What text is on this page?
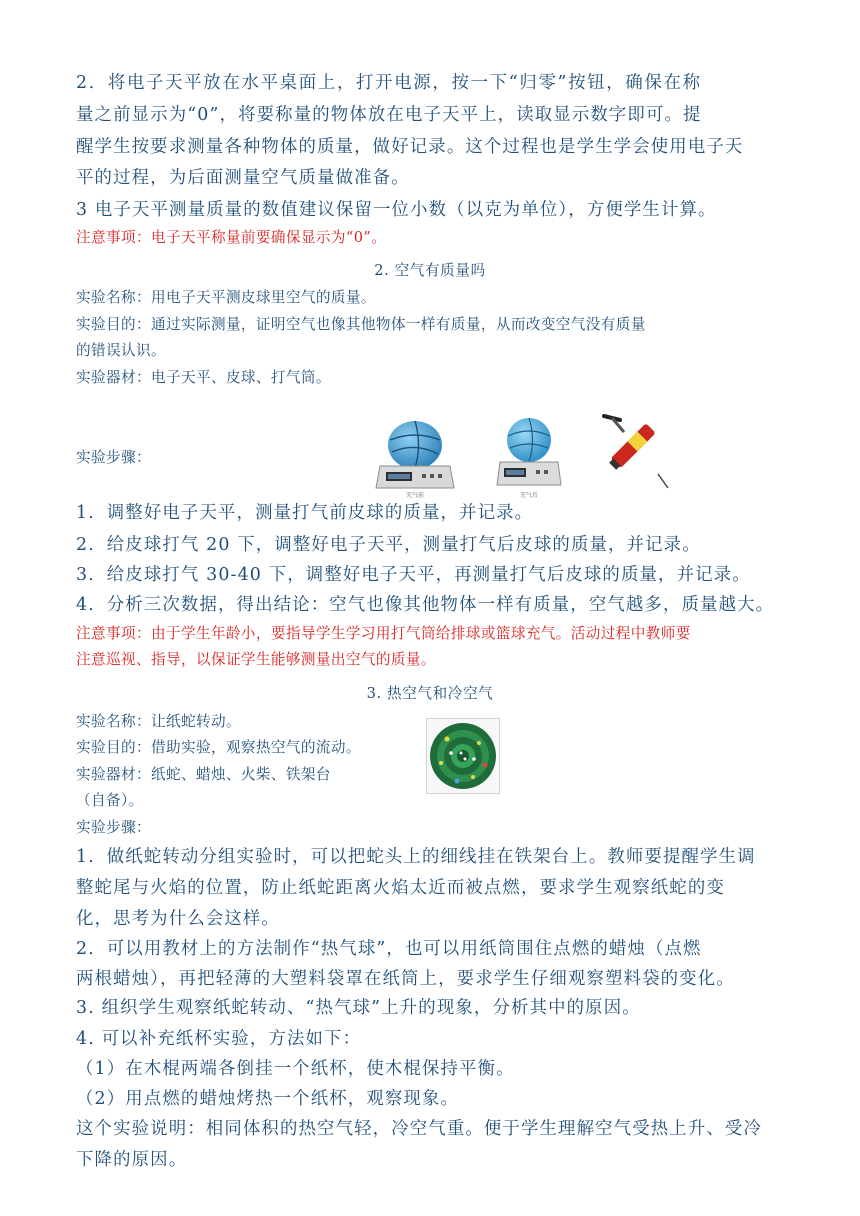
2．将电子天平放在水平桌面上，打开电源，按一下“归零”按钮，确保在称
量之前显示为“0”，将要称量的物体放在电子天平上，读取显示数字即可。提
醒学生按要求测量各种物体的质量，做好记录。这个过程也是学生学会使用电子天
平的过程，为后面测量空气质量做准备。
3 电子天平测量质量的数值建议保留一位小数（以克为单位），方便学生计算。
注意事项：电子天平称量前要确保显示为“0”。
2. 空气有质量吗
实验名称：用电子天平测皮球里空气的质量。
实验目的：通过实际测量，证明空气也像其他物体一样有质量，从而改变空气没有质量
的错误认识。
实验器材：电子天平、皮球、打气筒。
充气前	充气后
实验步骤：
1．调整好电子天平，测量打气前皮球的质量，并记录。
2．给皮球打气 20 下，调整好电子天平，测量打气后皮球的质量，并记录。
3．给皮球打气 30-40 下，调整好电子天平，再测量打气后皮球的质量，并记录。
4．分析三次数据，得出结论：空气也像其他物体一样有质量，空气越多，质量越大。
注意事项：由于学生年龄小，要指导学生学习用打气筒给排球或篮球充气。活动过程中教师要
注意巡视、指导，以保证学生能够测量出空气的质量。
3. 热空气和冷空气
实验名称：让纸蛇转动。
实验目的：借助实验，观察热空气的流动。
实验器材：纸蛇、蜡烛、火柴、铁架台
（自备）。
实验步骤：
1．做纸蛇转动分组实验时，可以把蛇头上的细线挂在铁架台上。教师要提醒学生调
整蛇尾与火焰的位置，防止纸蛇距离火焰太近而被点燃，要求学生观察纸蛇的变
化，思考为什么会这样。
2．可以用教材上的方法制作“热气球”，也可以用纸筒围住点燃的蜡烛（点燃
两根蜡烛），再把轻薄的大塑料袋罩在纸筒上，要求学生仔细观察塑料袋的变化。
3. 组织学生观察纸蛇转动、“热气球”上升的现象，分析其中的原因。
4. 可以补充纸杯实验，方法如下：
（1）在木棍两端各倒挂一个纸杯，使木棍保持平衡。
（2）用点燃的蜡烛烤热一个纸杯，观察现象。
这个实验说明：相同体积的热空气轻，冷空气重。便于学生理解空气受热上升、受冷
下降的原因。
